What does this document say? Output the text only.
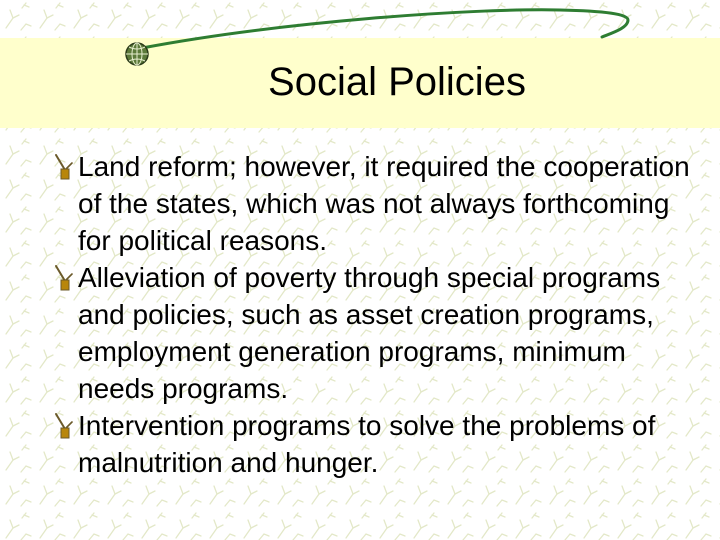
Social Policies
Land reform; however, it required the cooperation of the states, which was not always forthcoming for political reasons.
Alleviation of poverty through special programs and policies, such as asset creation programs, employment generation programs, minimum needs programs.
Intervention programs to solve the problems of malnutrition and hunger.
